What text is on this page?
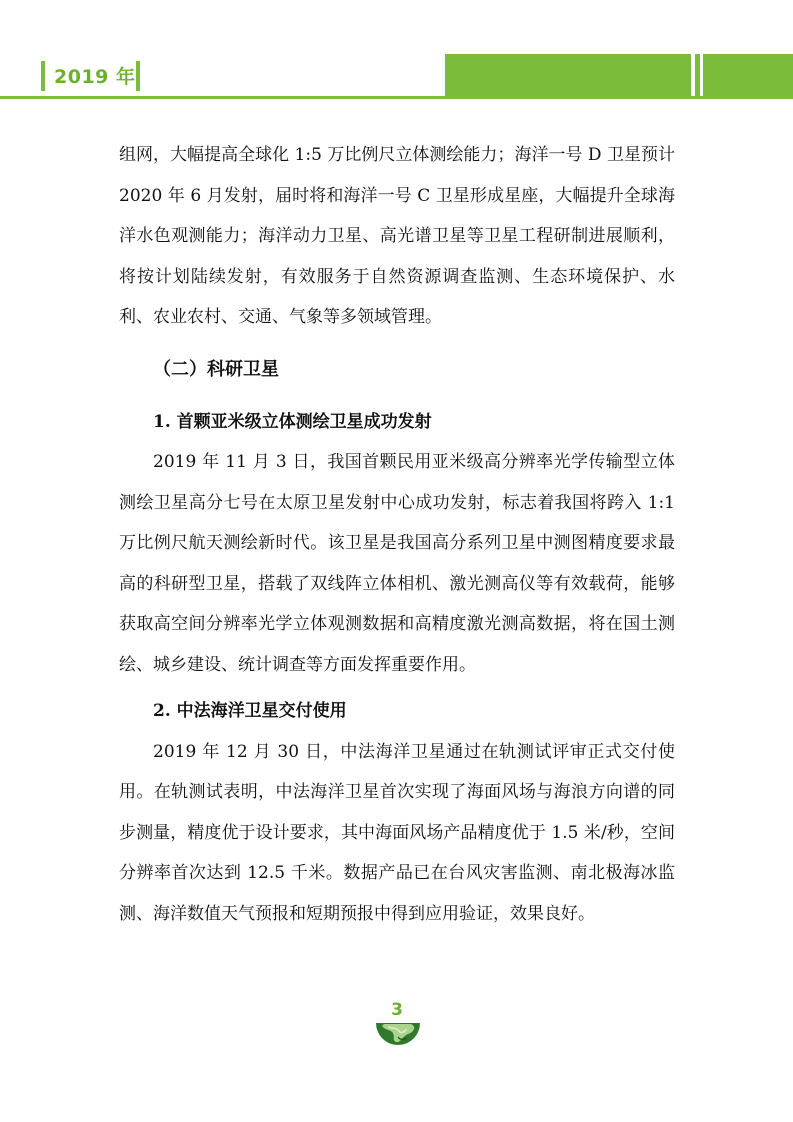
2019 年

组网，大幅提高全球化 1:5 万比例尺立体测绘能力；海洋一号 D 卫星预计 2020 年 6 月发射，届时将和海洋一号 C 卫星形成星座，大幅提升全球海洋水色观测能力；海洋动力卫星、高光谱卫星等卫星工程研制进展顺利，将按计划陆续发射，有效服务于自然资源调查监测、生态环境保护、水利、农业农村、交通、气象等多领域管理。

（二）科研卫星
1. 首颗亚米级立体测绘卫星成功发射

2019 年 11 月 3 日，我国首颗民用亚米级高分辨率光学传输型立体测绘卫星高分七号在太原卫星发射中心成功发射，标志着我国将跨入 1:1 万比例尺航天测绘新时代。该卫星是我国高分系列卫星中测图精度要求最高的科研型卫星，搭载了双线阵立体相机、激光测高仪等有效载荷，能够获取高空间分辨率光学立体观测数据和高精度激光测高数据，将在国土测绘、城乡建设、统计调查等方面发挥重要作用。

2. 中法海洋卫星交付使用

2019 年 12 月 30 日，中法海洋卫星通过在轨测试评审正式交付使用。在轨测试表明，中法海洋卫星首次实现了海面风场与海浪方向谱的同步测量，精度优于设计要求，其中海面风场产品精度优于 1.5 米/秒，空间分辨率首次达到 12.5 千米。数据产品已在台风灾害监测、南北极海冰监测、海洋数值天气预报和短期预报中得到应用验证，效果良好。

3
